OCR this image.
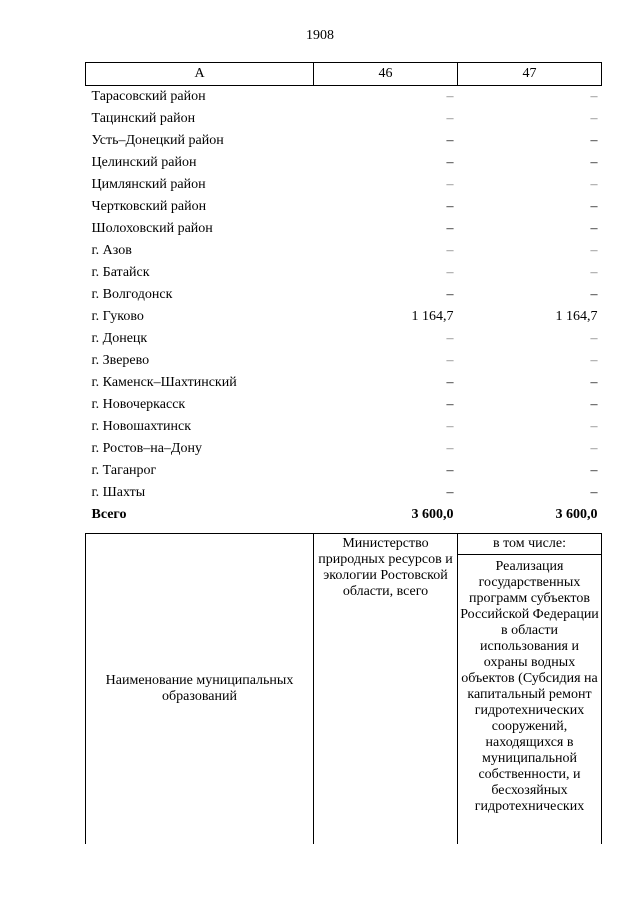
1908
А	46	47
Тарасовский район	–	–
Тацинский район	–	–
Усть–Донецкий район	–	–
Целинский район	–	–
Цимлянский район	–	–
Чертковский район	–	–
Шолоховский район	–	–
г. Азов	–	–
г. Батайск	–	–
г. Волгодонск	–	–
г. Гуково	1 164,7	1 164,7
г. Донецк	–	–
г. Зверево	–	–
г. Каменск–Шахтинский	–	–
г. Новочеркасск	–	–
г. Новошахтинск	–	–
г. Ростов–на–Дону	–	–
г. Таганрог	–	–
г. Шахты	–	–
Всего	3 600,0	3 600,0
Наименование муниципальных образований	Министерство природных ресурсов и экологии Ростовской области, всего	в том числе:
Реализация государственных программ субъектов Российской Федерации в области использования и охраны водных объектов (Субсидия на капитальный ремонт гидротехнических сооружений, находящихся в муниципальной собственности, и бесхозяйных гидротехнических
